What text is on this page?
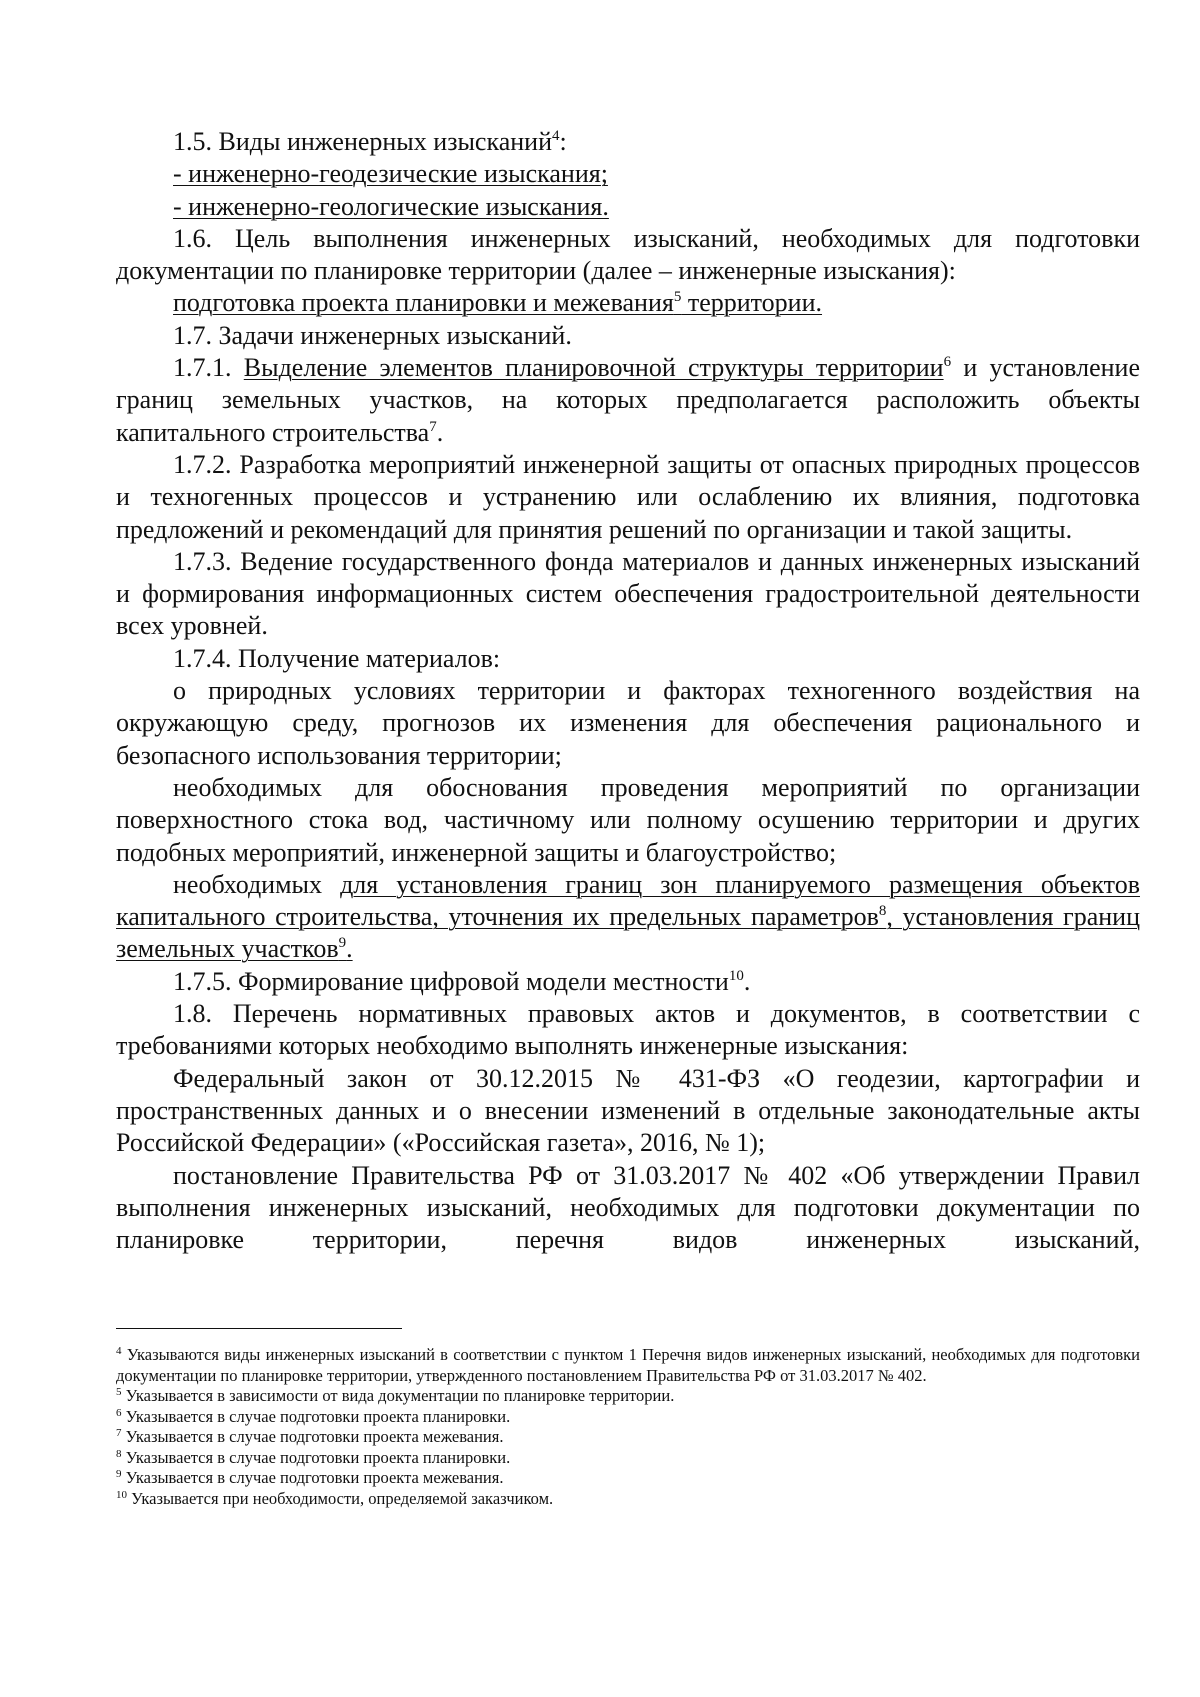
1.5. Виды инженерных изысканий$^4$:

- инженерно-геодезические изыскания;

- инженерно-геологические изыскания.

1.6. Цель выполнения инженерных изысканий, необходимых для подготовки

документации по планировке территории (далее – инженерные изыскания):

подготовка проекта планировки и межевания$^5$ территории.

1.7. Задачи инженерных изысканий.

1.7.1. Выделение элементов планировочной структуры территории$^6$ и установление границ земельных участков, на которых предполагается расположить объекты капитального строительства$^7$.

1.7.2. Разработка мероприятий инженерной защиты от опасных природных процессов и техногенных процессов и устранению или ослаблению их влияния, подготовка предложений и рекомендаций для принятия решений по организации и такой защиты.

1.7.3. Ведение государственного фонда материалов и данных инженерных изысканий и формирования информационных систем обеспечения градостроительной деятельности всех уровней.

1.7.4. Получение материалов:

о природных условиях территории и факторах техногенного воздействия на окружающую среду, прогнозов их изменения для обеспечения рационального и безопасного использования территории;

необходимых для обоснования проведения мероприятий по организации поверхностного стока вод, частичному или полному осушению территории и других подобных мероприятий, инженерной защиты и благоустройство;

необходимых для установления границ зон планируемого размещения объектов капитального строительства, уточнения их предельных параметров$^8$, установления границ земельных участков$^9$.

1.7.5. Формирование цифровой модели местности$^{10}$.

1.8. Перечень нормативных правовых актов и документов, в соответствии с требованиями которых необходимо выполнять инженерные изыскания:

Федеральный закон от 30.12.2015 № 431-ФЗ «О геодезии, картографии и пространственных данных и о внесении изменений в отдельные законодательные акты Российской Федерации» («Российская газета», 2016, № 1);

постановление Правительства РФ от 31.03.2017 № 402 «Об утверждении Правил выполнения инженерных изысканий, необходимых для подготовки документации по планировке территории, перечня видов инженерных изысканий,

$^4$ Указываются виды инженерных изысканий в соответствии с пунктом 1 Перечня видов инженерных изысканий, необходимых для подготовки документации по планировке территории, утвержденного постановлением Правительства РФ от 31.03.2017 № 402.

$^5$ Указывается в зависимости от вида документации по планировке территории.

$^6$ Указывается в случае подготовки проекта планировки.

$^7$ Указывается в случае подготовки проекта межевания.

$^8$ Указывается в случае подготовки проекта планировки.

$^9$ Указывается в случае подготовки проекта межевания.

$^{10}$ Указывается при необходимости, определяемой заказчиком.
